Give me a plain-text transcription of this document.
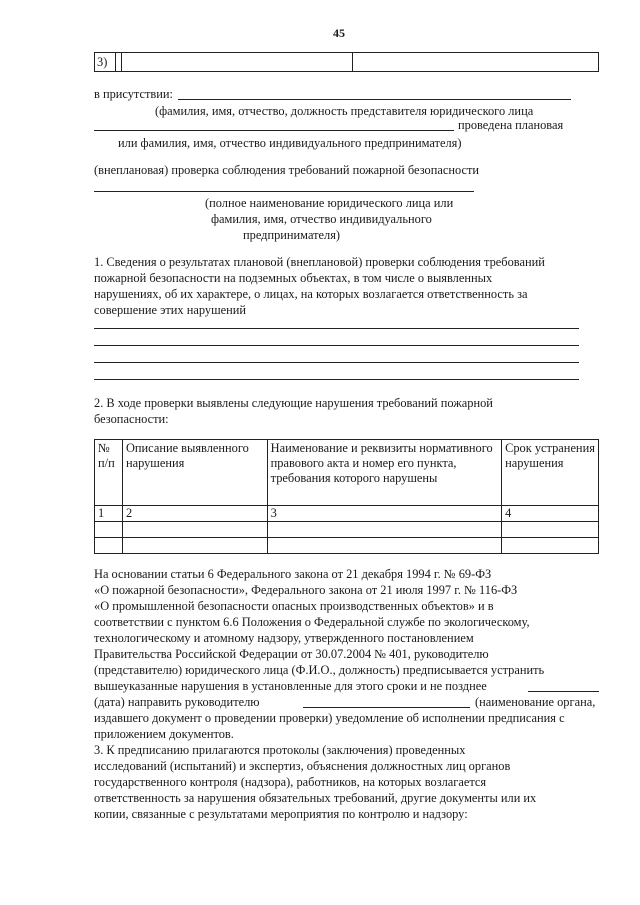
45
3)
в присутствии:
(фамилия, имя, отчество, должность представителя юридического лица
проведена плановая
или фамилия, имя, отчество индивидуального предпринимателя)
(внеплановая) проверка соблюдения требований пожарной безопасности
(полное наименование юридического лица или
фамилия, имя, отчество индивидуального
предпринимателя)
1. Сведения о результатах плановой (внеплановой) проверки соблюдения требований
пожарной безопасности на подземных объектах, в том числе о выявленных
нарушениях, об их характере, о лицах, на которых возлагается ответственность за
совершение этих нарушений
2. В ходе проверки выявлены следующие нарушения требований пожарной
безопасности:
№ п/п	Описание выявленного нарушения	Наименование и реквизиты нормативного правового акта и номер его пункта, требования которого нарушены	Срок устранения нарушения
1	2	3	4

На основании статьи 6 Федерального закона от 21 декабря 1994 г. № 69-ФЗ
«О пожарной безопасности», Федерального закона от 21 июля 1997 г. № 116-ФЗ
«О промышленной безопасности опасных производственных объектов» и в
соответствии с пунктом 6.6 Положения о Федеральной службе по экологическому,
технологическому и атомному надзору, утвержденного постановлением
Правительства Российской Федерации от 30.07.2004 № 401, руководителю
(представителю) юридического лица (Ф.И.О., должность) предписывается устранить
вышеуказанные нарушения в установленные для этого сроки и не позднее
(дата) направить руководителю	(наименование органа,
издавшего документ о проведении проверки) уведомление об исполнении предписания с
приложением документов.
3. К предписанию прилагаются протоколы (заключения) проведенных
исследований (испытаний) и экспертиз, объяснения должностных лиц органов
государственного контроля (надзора), работников, на которых возлагается
ответственность за нарушения обязательных требований, другие документы или их
копии, связанные с результатами мероприятия по контролю и надзору:
